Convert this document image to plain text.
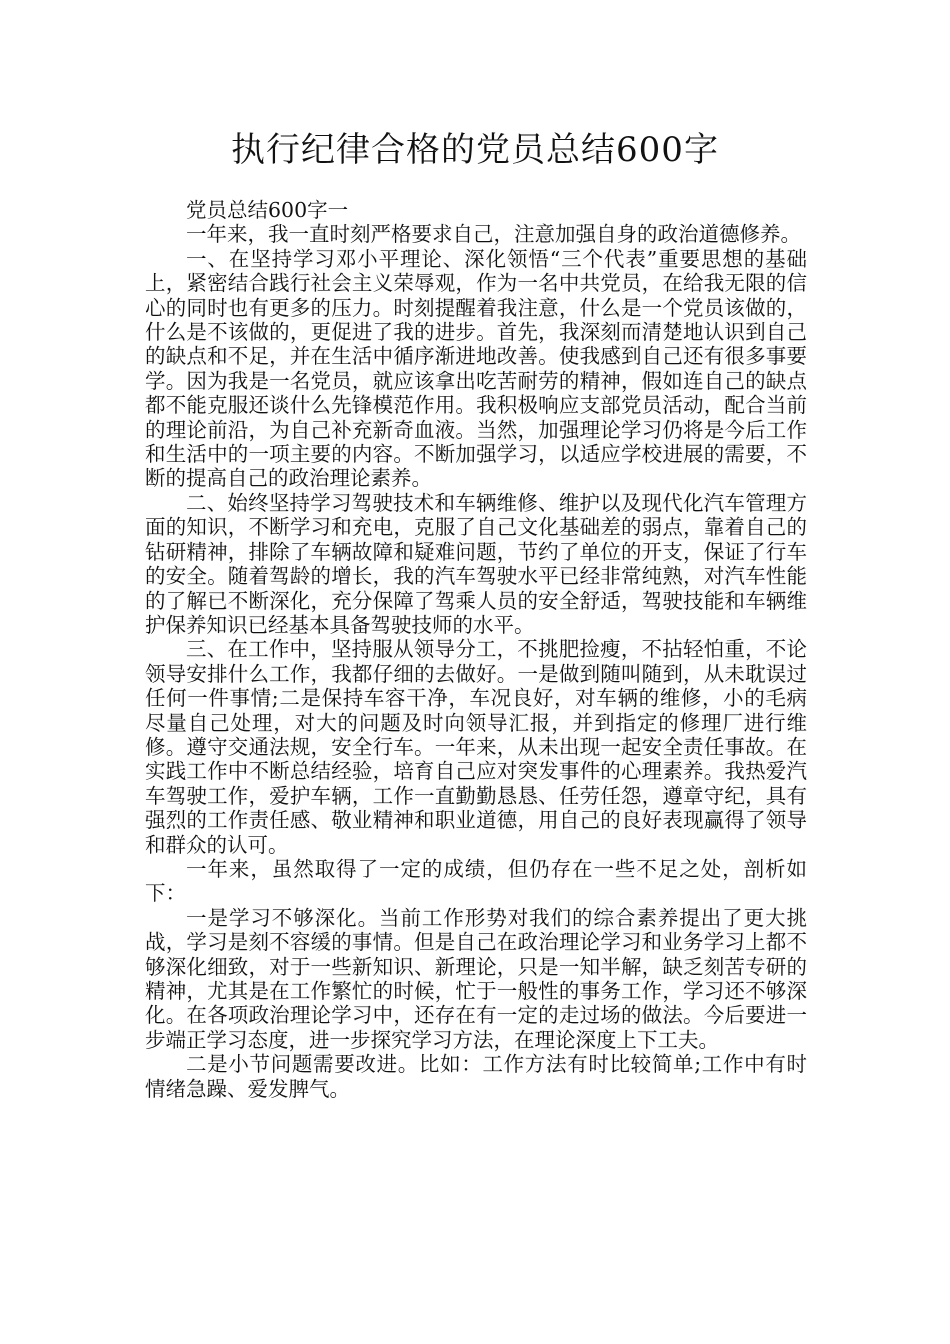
执行纪律合格的党员总结600字

党员总结600字一

一年来，我一直时刻严格要求自己，注意加强自身的政治道德修养。

一、在坚持学习邓小平理论、深化领悟“三个代表”重要思想的基础上，紧密结合践行社会主义荣辱观，作为一名中共党员，在给我无限的信心的同时也有更多的压力。时刻提醒着我注意，什么是一个党员该做的，什么是不该做的，更促进了我的进步。首先，我深刻而清楚地认识到自己的缺点和不足，并在生活中循序渐进地改善。使我感到自己还有很多事要学。因为我是一名党员，就应该拿出吃苦耐劳的精神，假如连自己的缺点都不能克服还谈什么先锋模范作用。我积极响应支部党员活动，配合当前的理论前沿，为自己补充新奇血液。当然，加强理论学习仍将是今后工作和生活中的一项主要的内容。不断加强学习，以适应学校进展的需要，不断的提高自己的政治理论素养。

二、始终坚持学习驾驶技术和车辆维修、维护以及现代化汽车管理方面的知识，不断学习和充电，克服了自己文化基础差的弱点，靠着自己的钻研精神，排除了车辆故障和疑难问题，节约了单位的开支，保证了行车的安全。随着驾龄的增长，我的汽车驾驶水平已经非常纯熟，对汽车性能的了解已不断深化，充分保障了驾乘人员的安全舒适，驾驶技能和车辆维护保养知识已经基本具备驾驶技师的水平。

三、在工作中，坚持服从领导分工，不挑肥捡瘦，不拈轻怕重，不论领导安排什么工作，我都仔细的去做好。一是做到随叫随到，从未耽误过任何一件事情;二是保持车容干净，车况良好，对车辆的维修，小的毛病尽量自己处理，对大的问题及时向领导汇报，并到指定的修理厂进行维修。遵守交通法规，安全行车。一年来，从未出现一起安全责任事故。在实践工作中不断总结经验，培育自己应对突发事件的心理素养。我热爱汽车驾驶工作，爱护车辆，工作一直勤勤恳恳、任劳任怨，遵章守纪，具有强烈的工作责任感、敬业精神和职业道德，用自己的良好表现赢得了领导和群众的认可。

一年来，虽然取得了一定的成绩，但仍存在一些不足之处，剖析如下：

一是学习不够深化。当前工作形势对我们的综合素养提出了更大挑战，学习是刻不容缓的事情。但是自己在政治理论学习和业务学习上都不够深化细致，对于一些新知识、新理论，只是一知半解，缺乏刻苦专研的精神，尤其是在工作繁忙的时候，忙于一般性的事务工作，学习还不够深化。在各项政治理论学习中，还存在有一定的走过场的做法。今后要进一步端正学习态度，进一步探究学习方法，在理论深度上下工夫。

二是小节问题需要改进。比如：工作方法有时比较简单;工作中有时情绪急躁、爱发脾气。
